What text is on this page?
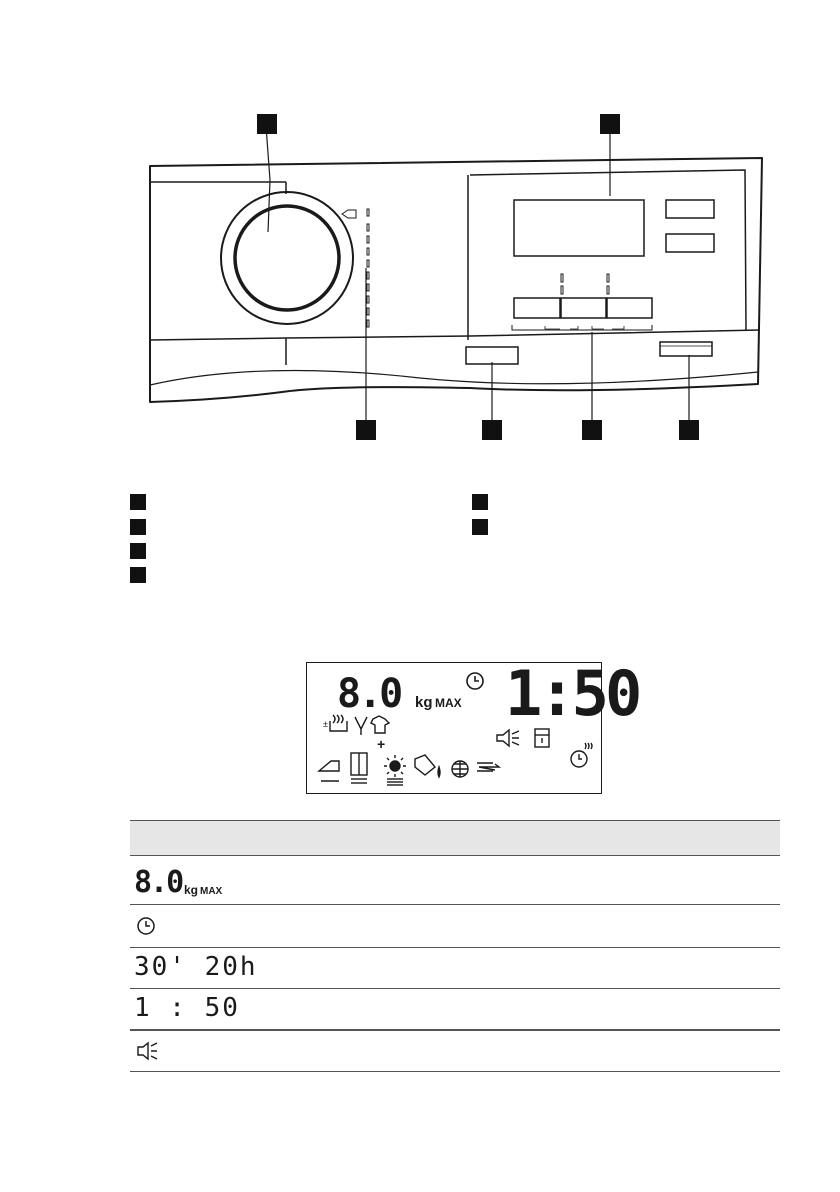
8.0 kg MAX 1:50
±
+
8.0 kg MAX
30' 20h
1 : 50
